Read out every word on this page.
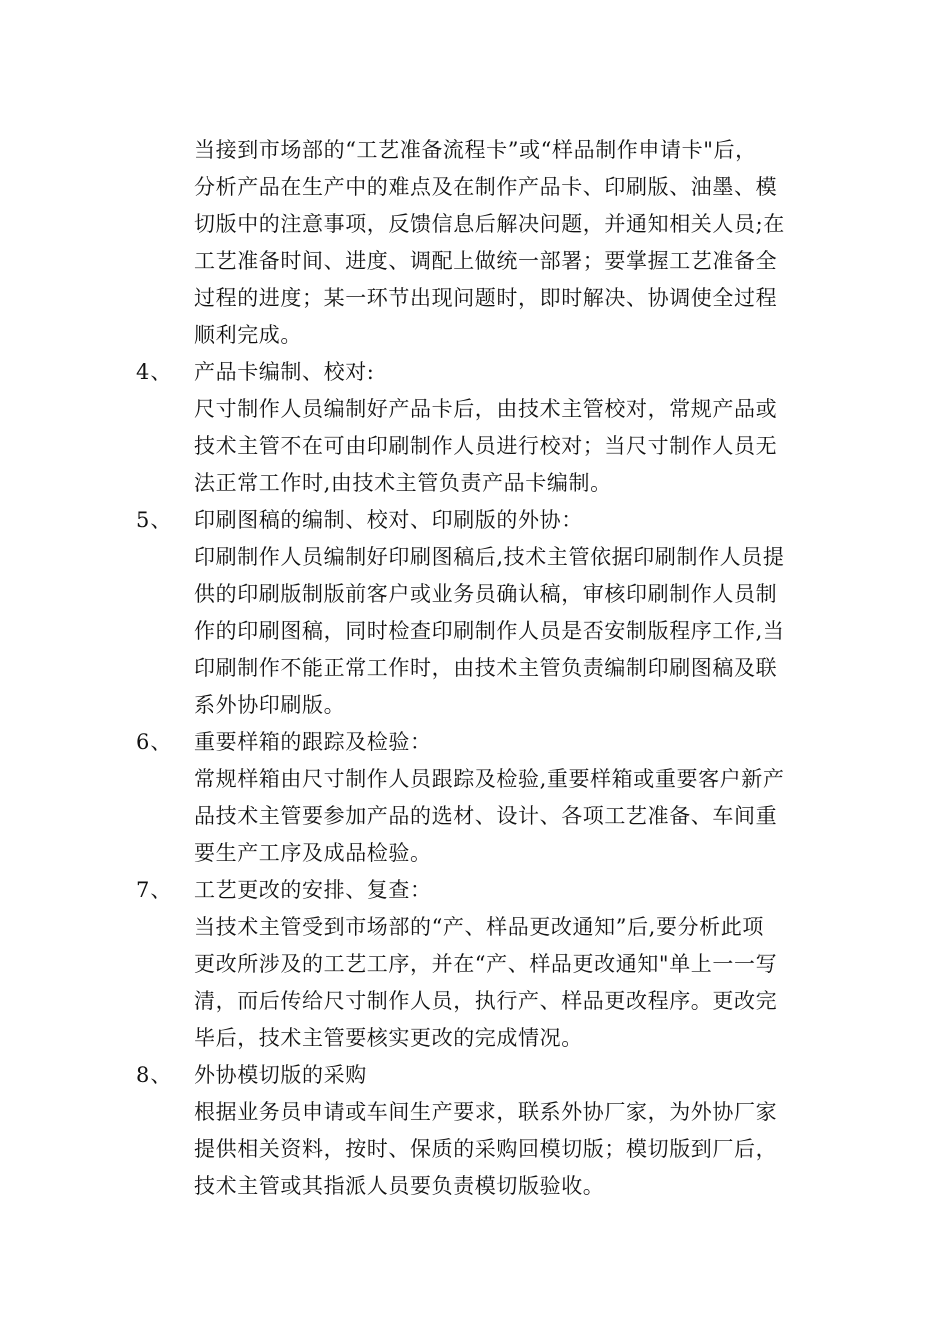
当接到市场部的“工艺准备流程卡”或“样品制作申请卡"后，
分析产品在生产中的难点及在制作产品卡、印刷版、油墨、模
切版中的注意事项，反馈信息后解决问题，并通知相关人员;在
工艺准备时间、进度、调配上做统一部署；要掌握工艺准备全
过程的进度；某一环节出现问题时，即时解决、协调使全过程
顺利完成。
4、 产品卡编制、校对:
尺寸制作人员编制好产品卡后，由技术主管校对，常规产品或
技术主管不在可由印刷制作人员进行校对；当尺寸制作人员无
法正常工作时,由技术主管负责产品卡编制。
5、 印刷图稿的编制、校对、印刷版的外协：
印刷制作人员编制好印刷图稿后,技术主管依据印刷制作人员提
供的印刷版制版前客户或业务员确认稿，审核印刷制作人员制
作的印刷图稿，同时检查印刷制作人员是否安制版程序工作,当
印刷制作不能正常工作时，由技术主管负责编制印刷图稿及联
系外协印刷版。
6、 重要样箱的跟踪及检验：
常规样箱由尺寸制作人员跟踪及检验,重要样箱或重要客户新产
品技术主管要参加产品的选材、设计、各项工艺准备、车间重
要生产工序及成品检验。
7、 工艺更改的安排、复查：
当技术主管受到市场部的“产、样品更改通知”后,要分析此项
更改所涉及的工艺工序，并在“产、样品更改通知"单上一一写
清，而后传给尺寸制作人员，执行产、样品更改程序。更改完
毕后，技术主管要核实更改的完成情况。
8、 外协模切版的采购
根据业务员申请或车间生产要求，联系外协厂家，为外协厂家
提供相关资料，按时、保质的采购回模切版；模切版到厂后，
技术主管或其指派人员要负责模切版验收。
